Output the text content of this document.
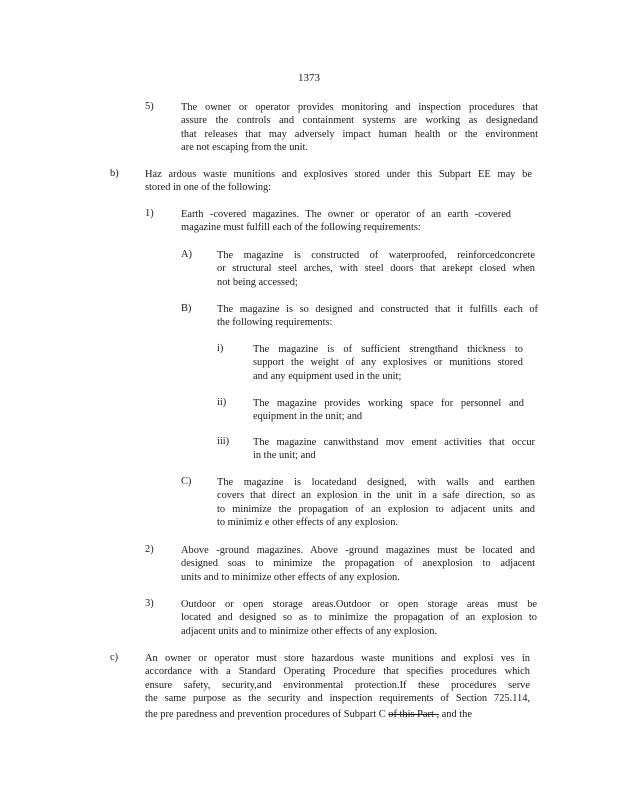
1373
5)	The owner or operator provides monitoring and inspection procedures that
assure the controls and containment systems are working as designedand
that releases that may adversely impact human health or the environment
are not escaping from the unit.
b)	Haz ardous waste munitions and explosives stored under this Subpart EE may be
stored in one of the following:
1)	Earth -covered magazines. The owner or operator of an earth -covered
magazine must fulfill each of the following requirements:
A) The magazine is constructed of waterproofed, reinforcedconcrete
or structural steel arches, with steel doors that arekept closed when
not being accessed;
B) The magazine is so designed and constructed that it fulfills each of
the following requirements:
i)	The magazine is of sufficient strengthand thickness to
support the weight of any explosives or munitions stored
and any equipment used in the unit;
ii)	The magazine provides working space for personnel and
equipment in the unit; and
iii) The magazine canwithstand mov ement activities that occur
in the unit; and
C) The magazine is locatedand designed, with walls and earthen
covers that direct an explosion in the unit in a safe direction, so as
to minimize the propagation of an explosion to adjacent units and
to minimiz e other effects of any explosion.
2)	Above -ground magazines. Above -ground magazines must be located and
designed soas to minimize the propagation of anexplosion to adjacent
units and to minimize other effects of any explosion.
3)	Outdoor or open storage areas.Outdoor or open storage areas must be
located and designed so as to minimize the propagation of an explosion to
adjacent units and to minimize other effects of any explosion.
c)	An owner or operator must store hazardous waste munitions and explosi ves in
accordance with a Standard Operating Procedure that specifies procedures which
ensure safety, security,and environmental protection.If these procedures serve
the same purpose as the security and inspection requirements of Section 725.114,
the pre paredness and prevention procedures of Subpart C of this Part , and the
